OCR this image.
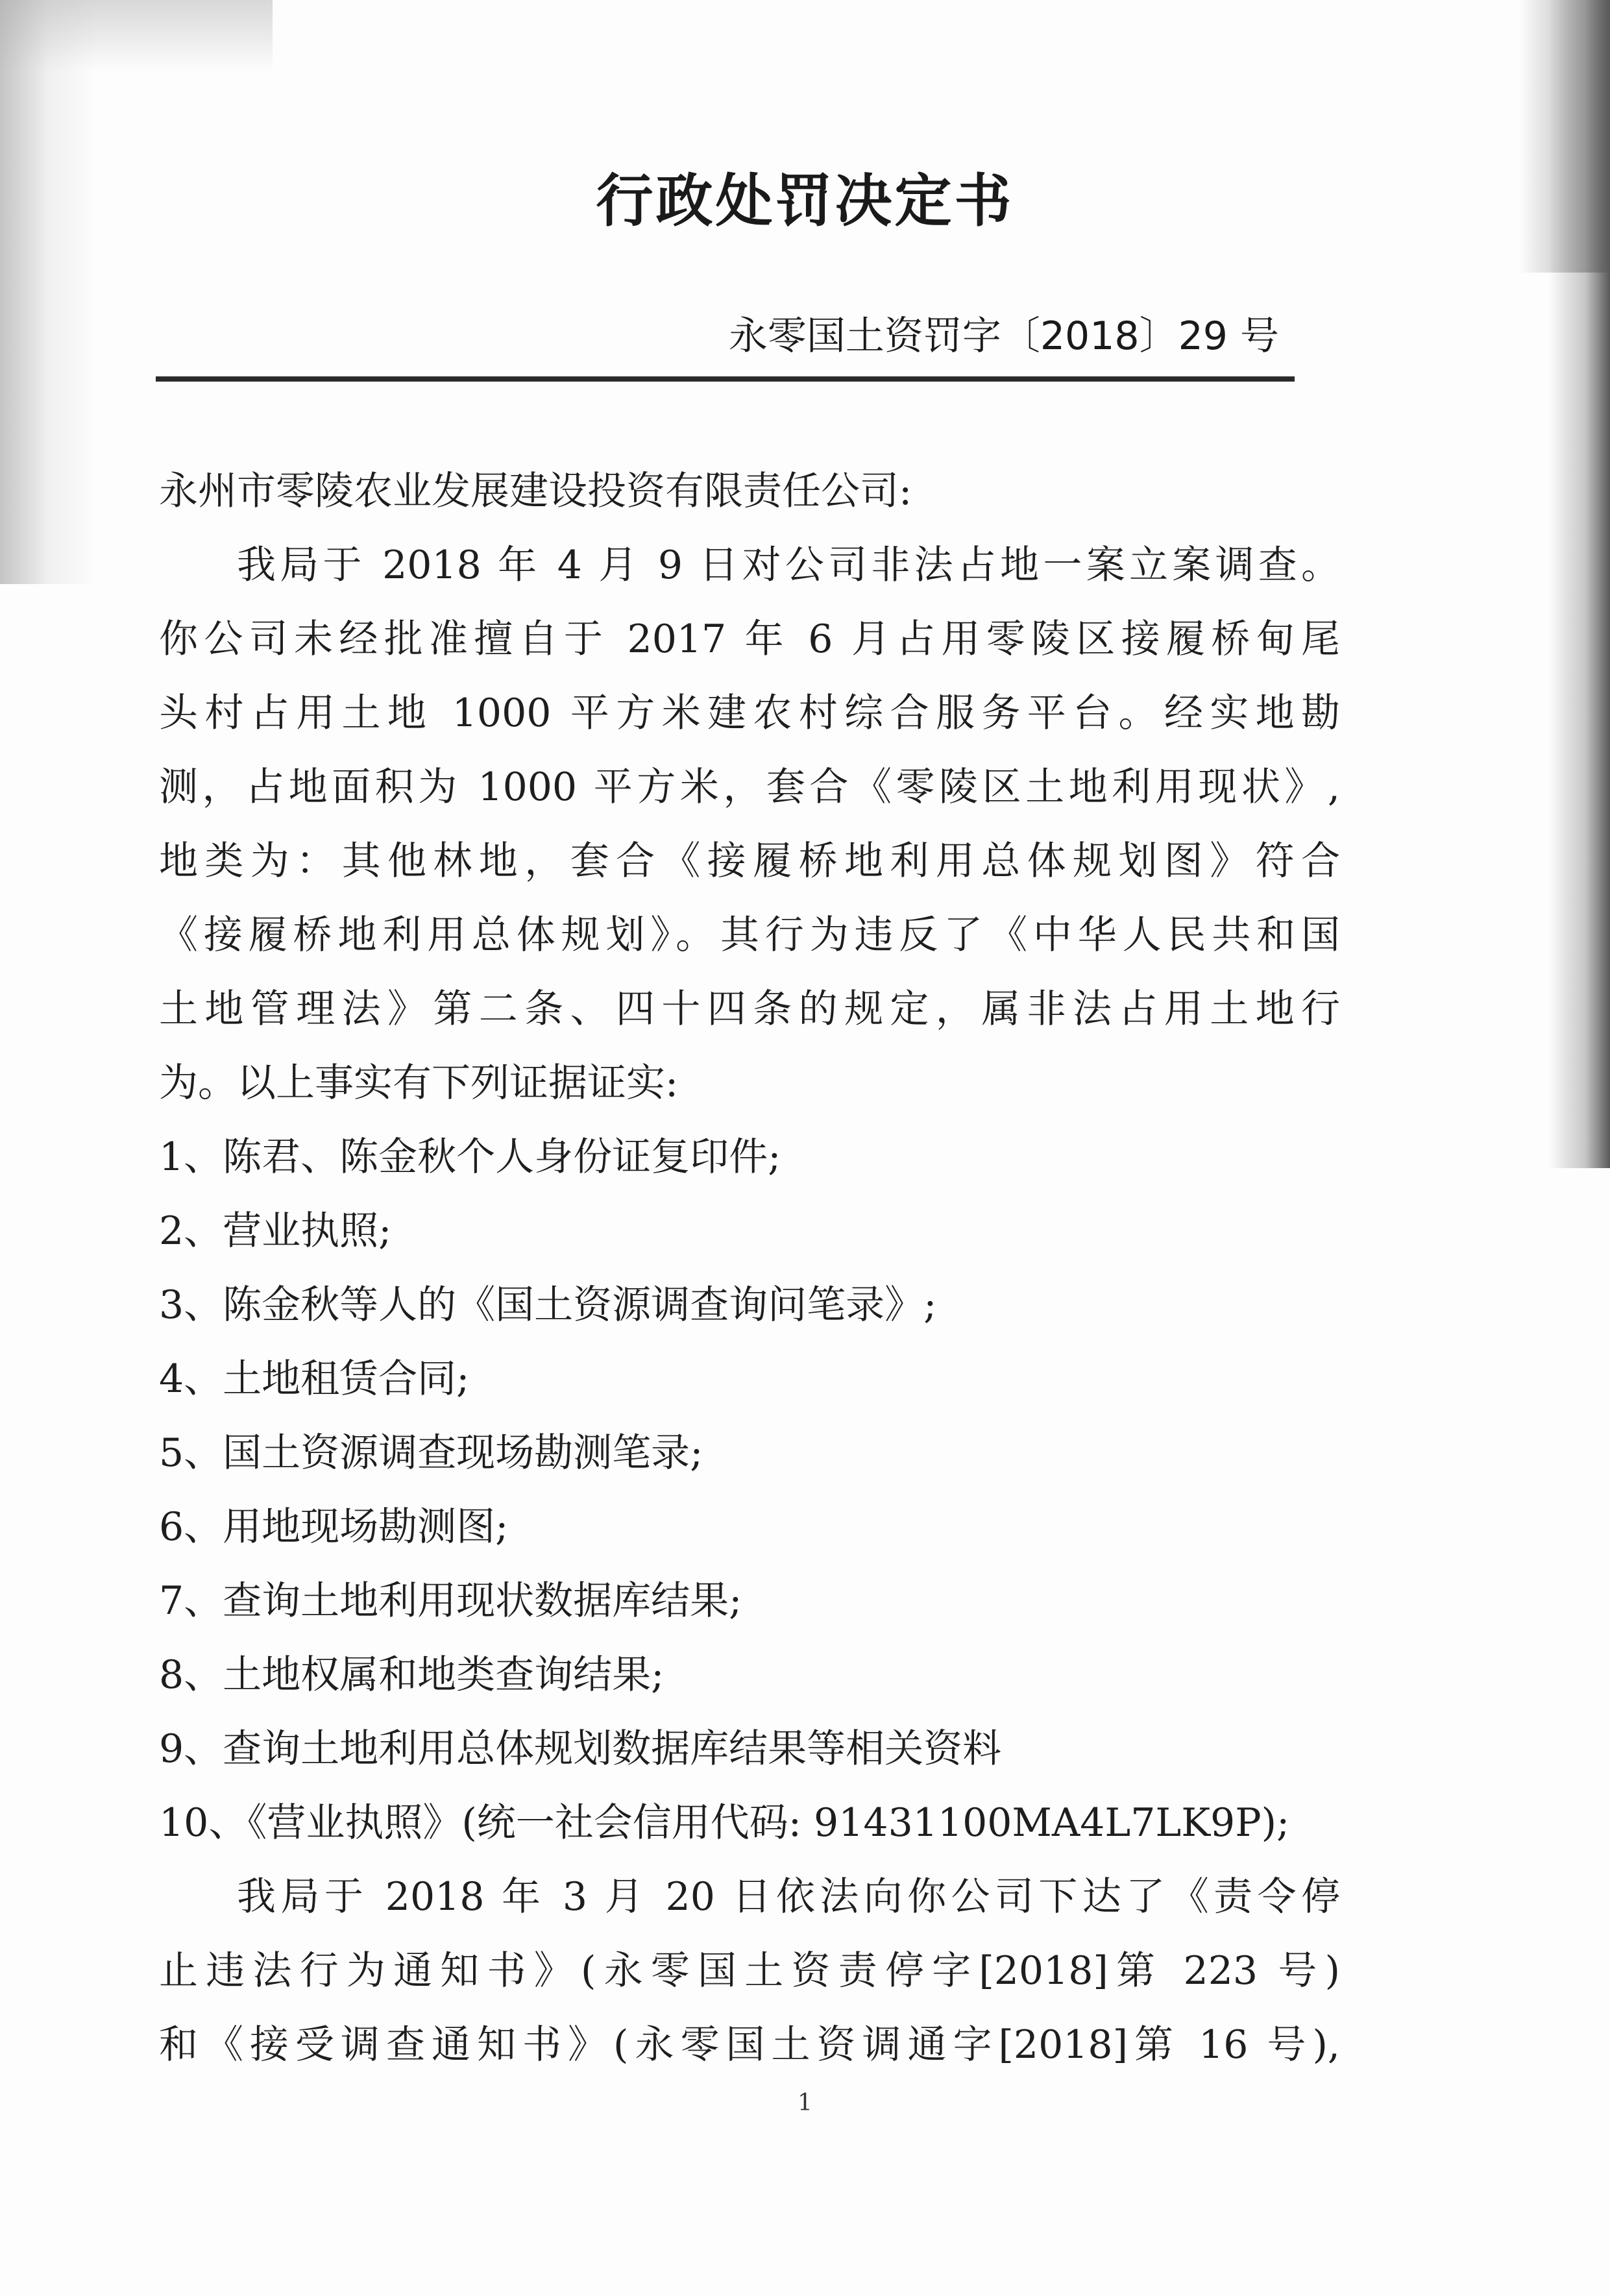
行政处罚决定书
永零国土资罚字〔2018〕29 号
永州市零陵农业发展建设投资有限责任公司:
我局于 2018 年 4 月 9 日对公司非法占地一案立案调查。
你公司未经批准擅自于 2017 年 6 月占用零陵区接履桥甸尾
头村占用土地 1000 平方米建农村综合服务平台。经实地勘
测，占地面积为 1000 平方米，套合《零陵区土地利用现状》,
地类为：其他林地，套合《接履桥地利用总体规划图》符合
《接履桥地利用总体规划》。其行为违反了《中华人民共和国
土地管理法》第二条、四十四条的规定，属非法占用土地行
为。以上事实有下列证据证实:
1、陈君、陈金秋个人身份证复印件;
2、营业执照;
3、陈金秋等人的《国土资源调查询问笔录》;
4、土地租赁合同;
5、国土资源调查现场勘测笔录;
6、用地现场勘测图;
7、查询土地利用现状数据库结果;
8、土地权属和地类查询结果;
9、查询土地利用总体规划数据库结果等相关资料
10、《营业执照》(统一社会信用代码: 91431100MA4L7LK9P);
我局于 2018 年 3 月 20 日依法向你公司下达了《责令停
止违法行为通知书》(永零国土资责停字[2018]第 223 号)
和《接受调查通知书》(永零国土资调通字[2018]第 16 号),
1
